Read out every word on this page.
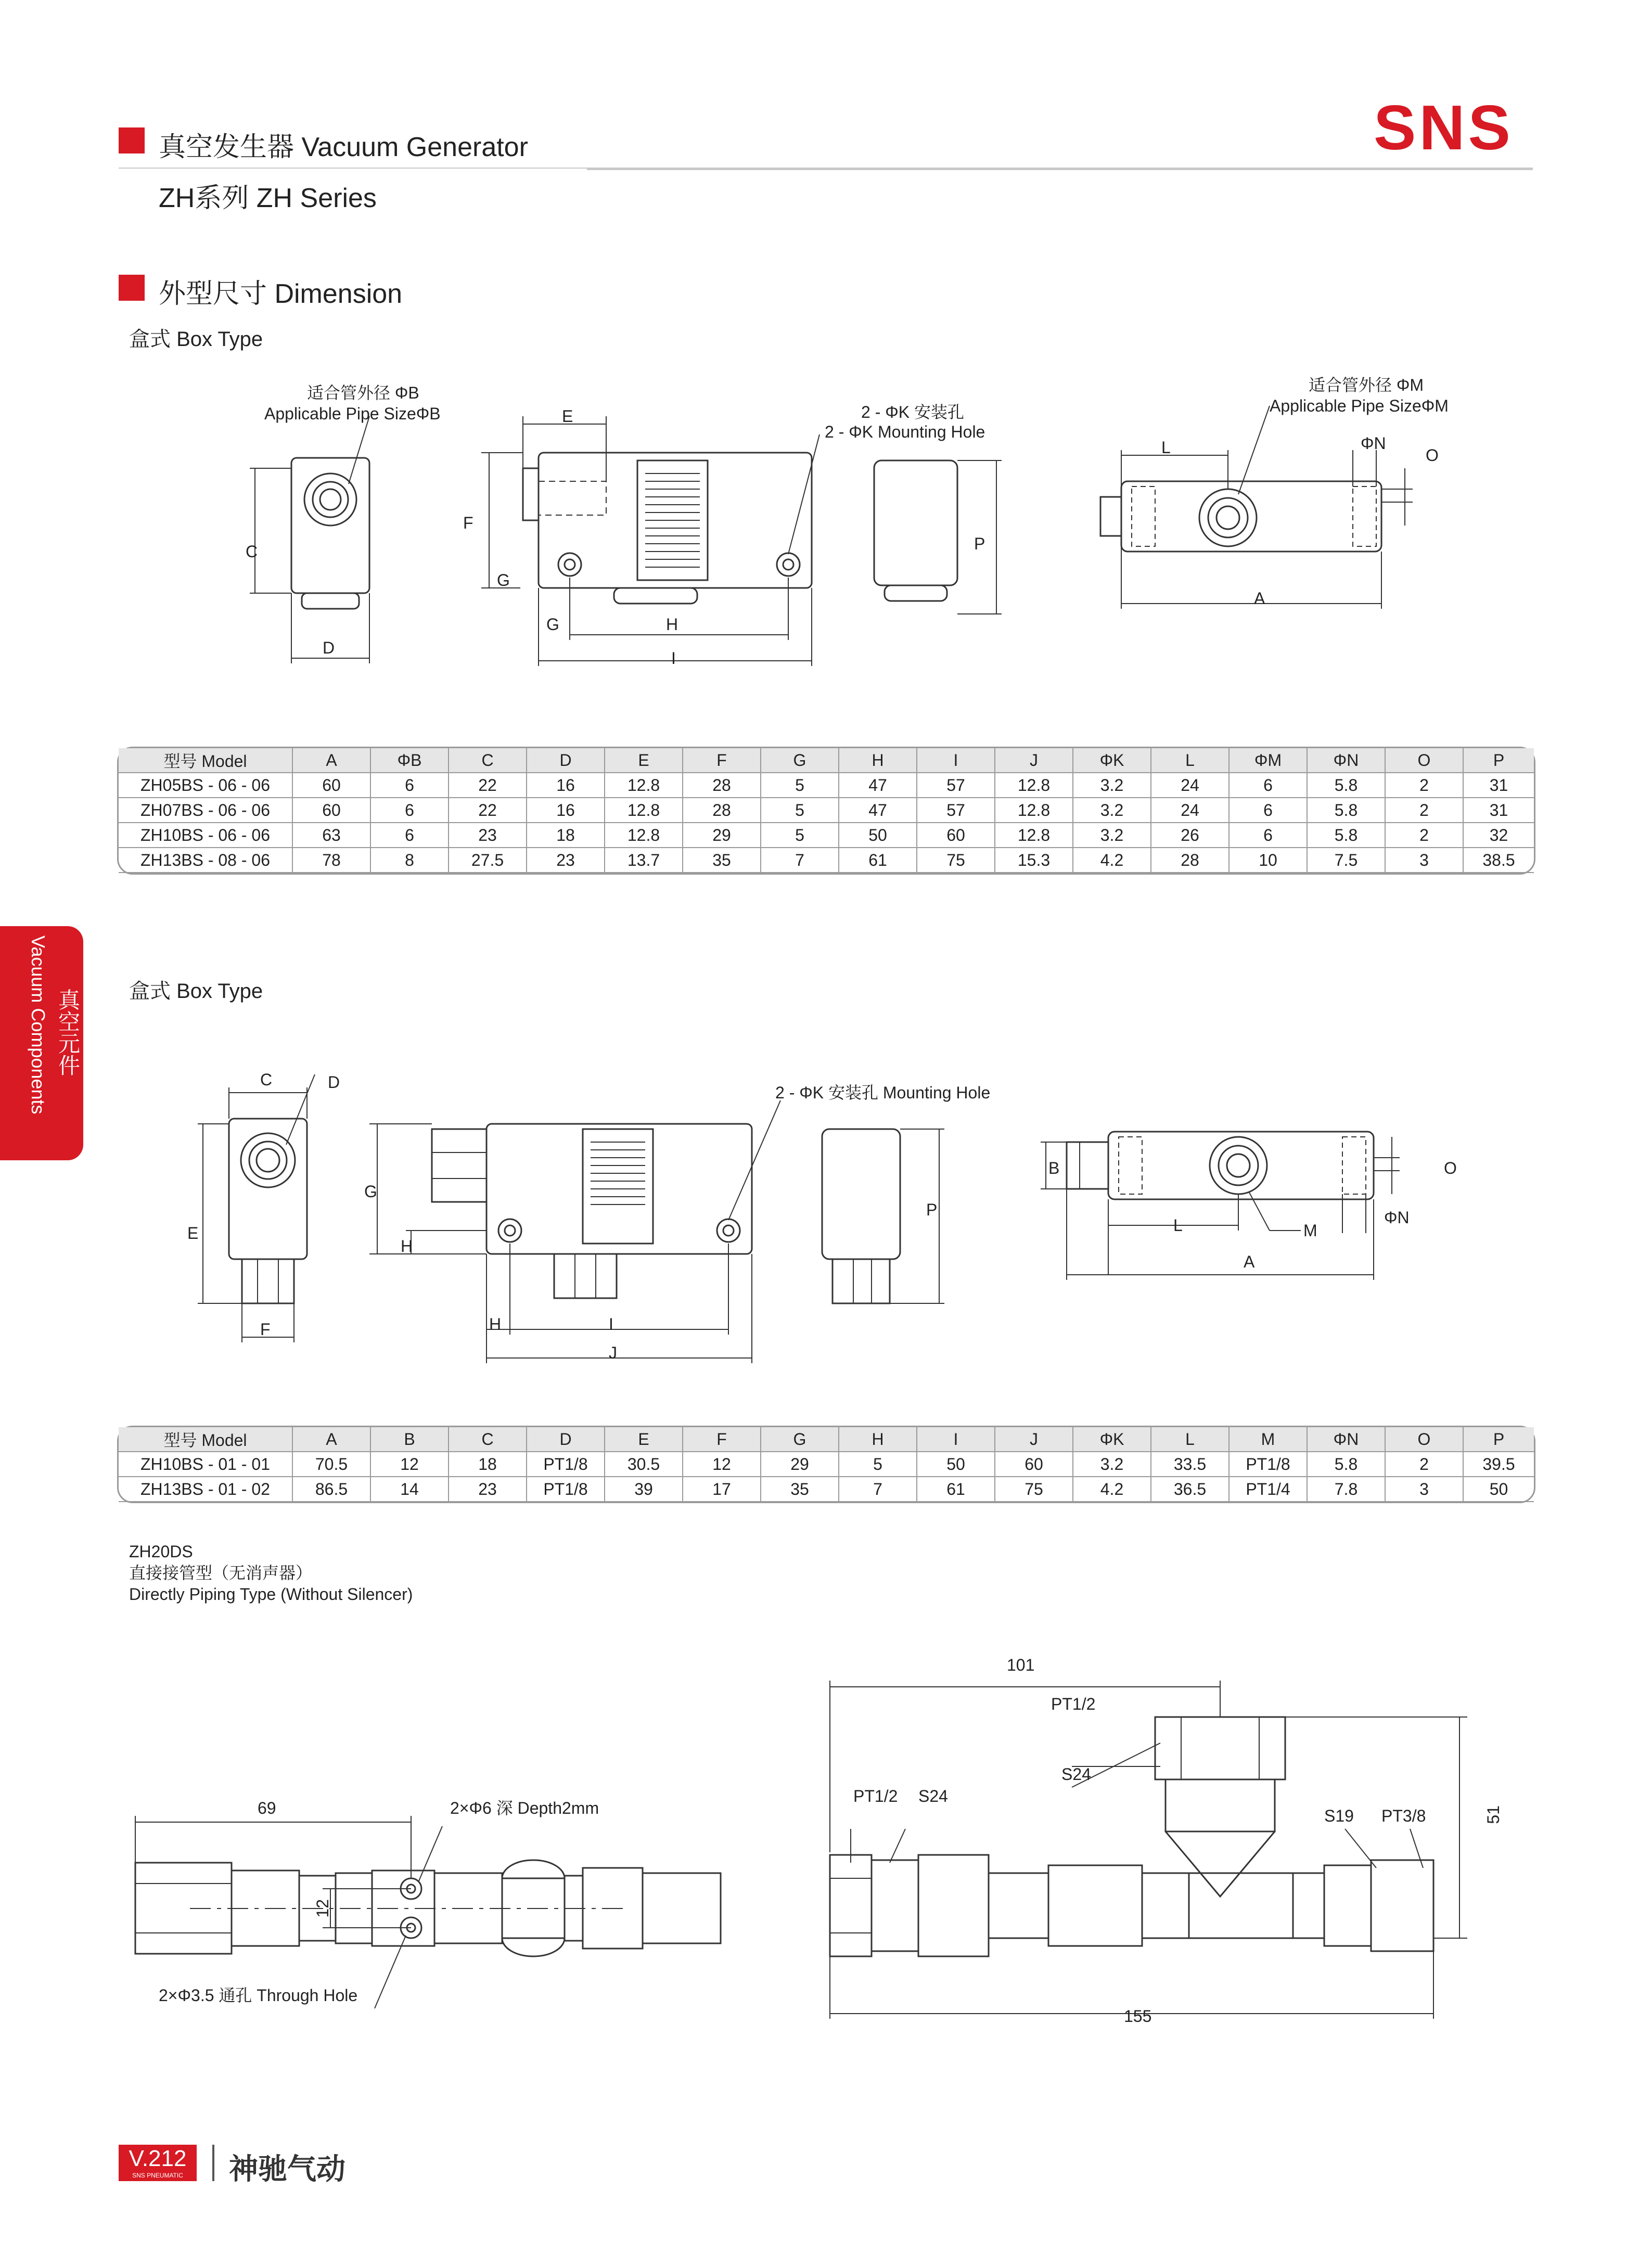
真空发生器 Vacuum Generator
ZH系列 ZH Series
SNS
外型尺寸 Dimension
Vacuum Components 真空元件
盒式 Box Type
适合管外径 ΦB
Applicable Pipe SizeΦB	2 - ΦK 安装孔
2 - ΦK Mounting Hole
适合管外径 ΦM
Applicable Pipe SizeΦM
C
D
E
F
G
G	H
I
P
L
A
ΦN
O
型号 Model	A	ΦB	C	D	E	F	G	H	I	J	ΦK	L	ΦM	ΦN	O	P
ZH05BS - 06 - 06	60	6	22	16	12.8	28	5	47	57	12.8	3.2	24	6	5.8	2	31
ZH07BS - 06 - 06	60	6	22	16	12.8	28	5	47	57	12.8	3.2	24	6	5.8	2	31
ZH10BS - 06 - 06	63	6	23	18	12.8	29	5	50	60	12.8	3.2	26	6	5.8	2	32
ZH13BS - 08 - 06	78	8	27.5	23	13.7	35	7	61	75	15.3	4.2	28	10	7.5	3	38.5
盒式 Box Type
C	D
E
F
G
H
H	I
J
2 - ΦK 安装孔 Mounting Hole
P
B
L	M
A
ΦN
O
型号 Model	A	B	C	D	E	F	G	H	I	J	ΦK	L	M	ΦN	O	P
ZH10BS - 01 - 01	70.5	12	18	PT1/8	30.5	12	29	5	50	60	3.2	33.5	PT1/8	5.8	2	39.5
ZH13BS - 01 - 02	86.5	14	23	PT1/8	39	17	35	7	61	75	4.2	36.5	PT1/4	7.8	3	50
ZH20DS
直接接管型（无消声器）
Directly Piping Type (Without Silencer)
69	2×Φ6 深 Depth2mm
12
2×Φ3.5 通孔 Through Hole
101
PT1/2
S24
PT1/2 S24
S19 PT3/8	51
155
V.212
SNS PNEUMATIC	神驰气动
